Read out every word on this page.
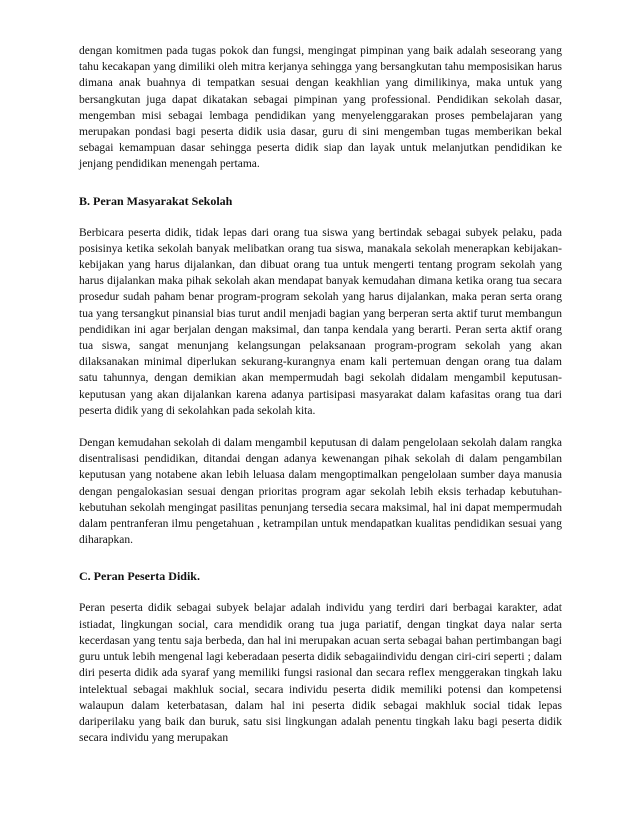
dengan komitmen pada tugas pokok dan fungsi, mengingat pimpinan yang baik adalah seseorang yang tahu kecakapan yang dimiliki oleh mitra kerjanya sehingga yang bersangkutan tahu memposisikan harus dimana anak buahnya di tempatkan sesuai dengan keakhlian yang dimilikinya, maka untuk yang bersangkutan juga dapat dikatakan sebagai pimpinan yang professional. Pendidikan sekolah dasar, mengemban misi sebagai lembaga pendidikan yang menyelenggarakan proses pembelajaran yang merupakan pondasi bagi peserta didik usia dasar, guru di sini mengemban tugas memberikan bekal sebagai kemampuan dasar sehingga peserta didik siap dan layak untuk melanjutkan pendidikan ke jenjang pendidikan menengah pertama.

B. Peran Masyarakat Sekolah

Berbicara peserta didik, tidak lepas dari orang tua siswa yang bertindak sebagai subyek pelaku, pada posisinya ketika sekolah banyak melibatkan orang tua siswa, manakala sekolah menerapkan kebijakan-kebijakan yang harus dijalankan, dan dibuat orang tua untuk mengerti tentang program sekolah yang harus dijalankan maka pihak sekolah akan mendapat banyak kemudahan dimana ketika orang tua secara prosedur sudah paham benar program-program sekolah yang harus dijalankan, maka peran serta orang tua yang tersangkut pinansial bias turut andil menjadi bagian yang berperan serta aktif turut membangun pendidikan ini agar berjalan dengan maksimal, dan tanpa kendala yang berarti. Peran serta aktif orang tua siswa, sangat menunjang kelangsungan pelaksanaan program-program sekolah yang akan dilaksanakan minimal diperlukan sekurang-kurangnya enam kali pertemuan dengan orang tua dalam satu tahunnya, dengan demikian akan mempermudah bagi sekolah didalam mengambil keputusan-keputusan yang akan dijalankan karena adanya partisipasi masyarakat dalam kafasitas orang tua dari peserta didik yang di sekolahkan pada sekolah kita.

Dengan kemudahan sekolah di dalam mengambil keputusan di dalam pengelolaan sekolah dalam rangka disentralisasi pendidikan, ditandai dengan adanya kewenangan pihak sekolah di dalam pengambilan keputusan yang notabene akan lebih leluasa dalam mengoptimalkan pengelolaan sumber daya manusia dengan pengalokasian sesuai dengan prioritas program agar sekolah lebih eksis terhadap kebutuhan-kebutuhan sekolah mengingat pasilitas penunjang tersedia secara maksimal, hal ini dapat mempermudah dalam pentranferan ilmu pengetahuan , ketrampilan untuk mendapatkan kualitas pendidikan sesuai yang diharapkan.

C. Peran Peserta Didik.

Peran peserta didik sebagai subyek belajar adalah individu yang terdiri dari berbagai karakter, adat istiadat, lingkungan social, cara mendidik orang tua juga pariatif, dengan tingkat daya nalar serta kecerdasan yang tentu saja berbeda, dan hal ini merupakan acuan serta sebagai bahan pertimbangan bagi guru untuk lebih mengenal lagi keberadaan peserta didik sebagaiindividu dengan ciri-ciri seperti ; dalam diri peserta didik ada syaraf yang memiliki fungsi rasional dan secara reflex menggerakan tingkah laku intelektual sebagai makhluk social, secara individu peserta didik memiliki potensi dan kompetensi walaupun dalam keterbatasan, dalam hal ini peserta didik sebagai makhluk social tidak lepas dariperilaku yang baik dan buruk, satu sisi lingkungan adalah penentu tingkah laku bagi peserta didik secara individu yang merupakan
